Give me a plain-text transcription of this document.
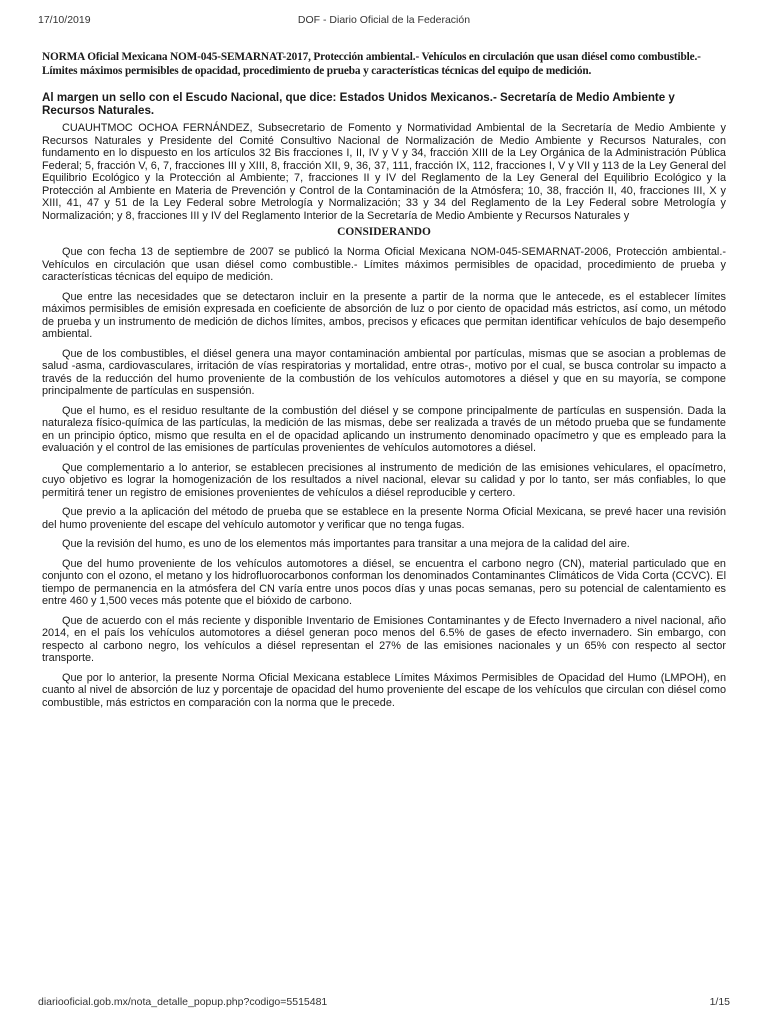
17/10/2019	DOF - Diario Oficial de la Federación
NORMA Oficial Mexicana NOM-045-SEMARNAT-2017, Protección ambiental.- Vehículos en circulación que usan diésel como combustible.- Límites máximos permisibles de opacidad, procedimiento de prueba y características técnicas del equipo de medición.
Al margen un sello con el Escudo Nacional, que dice: Estados Unidos Mexicanos.- Secretaría de Medio Ambiente y Recursos Naturales.

CUAUHTMOC OCHOA FERNÁNDEZ, Subsecretario de Fomento y Normatividad Ambiental de la Secretaría de Medio Ambiente y Recursos Naturales y Presidente del Comité Consultivo Nacional de Normalización de Medio Ambiente y Recursos Naturales, con fundamento en lo dispuesto en los artículos 32 Bis fracciones I, II, IV y V y 34, fracción XIII de la Ley Orgánica de la Administración Pública Federal; 5, fracción V, 6, 7, fracciones III y XIII, 8, fracción XII, 9, 36, 37, 111, fracción IX, 112, fracciones I, V y VII y 113 de la Ley General del Equilibrio Ecológico y la Protección al Ambiente; 7, fracciones II y IV del Reglamento de la Ley General del Equilibrio Ecológico y la Protección al Ambiente en Materia de Prevención y Control de la Contaminación de la Atmósfera; 10, 38, fracción II, 40, fracciones III, X y XIII, 41, 47 y 51 de la Ley Federal sobre Metrología y Normalización; 33 y 34 del Reglamento de la Ley Federal sobre Metrología y Normalización; y 8, fracciones III y IV del Reglamento Interior de la Secretaría de Medio Ambiente y Recursos Naturales y

CONSIDERANDO

Que con fecha 13 de septiembre de 2007 se publicó la Norma Oficial Mexicana NOM-045-SEMARNAT-2006, Protección ambiental.- Vehículos en circulación que usan diésel como combustible.- Límites máximos permisibles de opacidad, procedimiento de prueba y características técnicas del equipo de medición.

Que entre las necesidades que se detectaron incluir en la presente a partir de la norma que le antecede, es el establecer límites máximos permisibles de emisión expresada en coeficiente de absorción de luz o por ciento de opacidad más estrictos, así como, un método de prueba y un instrumento de medición de dichos límites, ambos, precisos y eficaces que permitan identificar vehículos de bajo desempeño ambiental.

Que de los combustibles, el diésel genera una mayor contaminación ambiental por partículas, mismas que se asocian a problemas de salud -asma, cardiovasculares, irritación de vías respiratorias y mortalidad, entre otras-, motivo por el cual, se busca controlar su impacto a través de la reducción del humo proveniente de la combustión de los vehículos automotores a diésel y que en su mayoría, se compone principalmente de partículas en suspensión.

Que el humo, es el residuo resultante de la combustión del diésel y se compone principalmente de partículas en suspensión. Dada la naturaleza físico-química de las partículas, la medición de las mismas, debe ser realizada a través de un método prueba que se fundamente en un principio óptico, mismo que resulta en el de opacidad aplicando un instrumento denominado opacímetro y que es empleado para la evaluación y el control de las emisiones de partículas provenientes de vehículos automotores a diésel.

Que complementario a lo anterior, se establecen precisiones al instrumento de medición de las emisiones vehiculares, el opacímetro, cuyo objetivo es lograr la homogenización de los resultados a nivel nacional, elevar su calidad y por lo tanto, ser más confiables, lo que permitirá tener un registro de emisiones provenientes de vehículos a diésel reproducible y certero.

Que previo a la aplicación del método de prueba que se establece en la presente Norma Oficial Mexicana, se prevé hacer una revisión del humo proveniente del escape del vehículo automotor y verificar que no tenga fugas.

Que la revisión del humo, es uno de los elementos más importantes para transitar a una mejora de la calidad del aire.

Que del humo proveniente de los vehículos automotores a diésel, se encuentra el carbono negro (CN), material particulado que en conjunto con el ozono, el metano y los hidrofluorocarbonos conforman los denominados Contaminantes Climáticos de Vida Corta (CCVC). El tiempo de permanencia en la atmósfera del CN varía entre unos pocos días y unas pocas semanas, pero su potencial de calentamiento es entre 460 y 1,500 veces más potente que el bióxido de carbono.

Que de acuerdo con el más reciente y disponible Inventario de Emisiones Contaminantes y de Efecto Invernadero a nivel nacional, año 2014, en el país los vehículos automotores a diésel generan poco menos del 6.5% de gases de efecto invernadero. Sin embargo, con respecto al carbono negro, los vehículos a diésel representan el 27% de las emisiones nacionales y un 65% con respecto al sector transporte.

Que por lo anterior, la presente Norma Oficial Mexicana establece Límites Máximos Permisibles de Opacidad del Humo (LMPOH), en cuanto al nivel de absorción de luz y porcentaje de opacidad del humo proveniente del escape de los vehículos que circulan con diésel como combustible, más estrictos en comparación con la norma que le precede.

diariooficial.gob.mx/nota_detalle_popup.php?codigo=5515481	1/15
